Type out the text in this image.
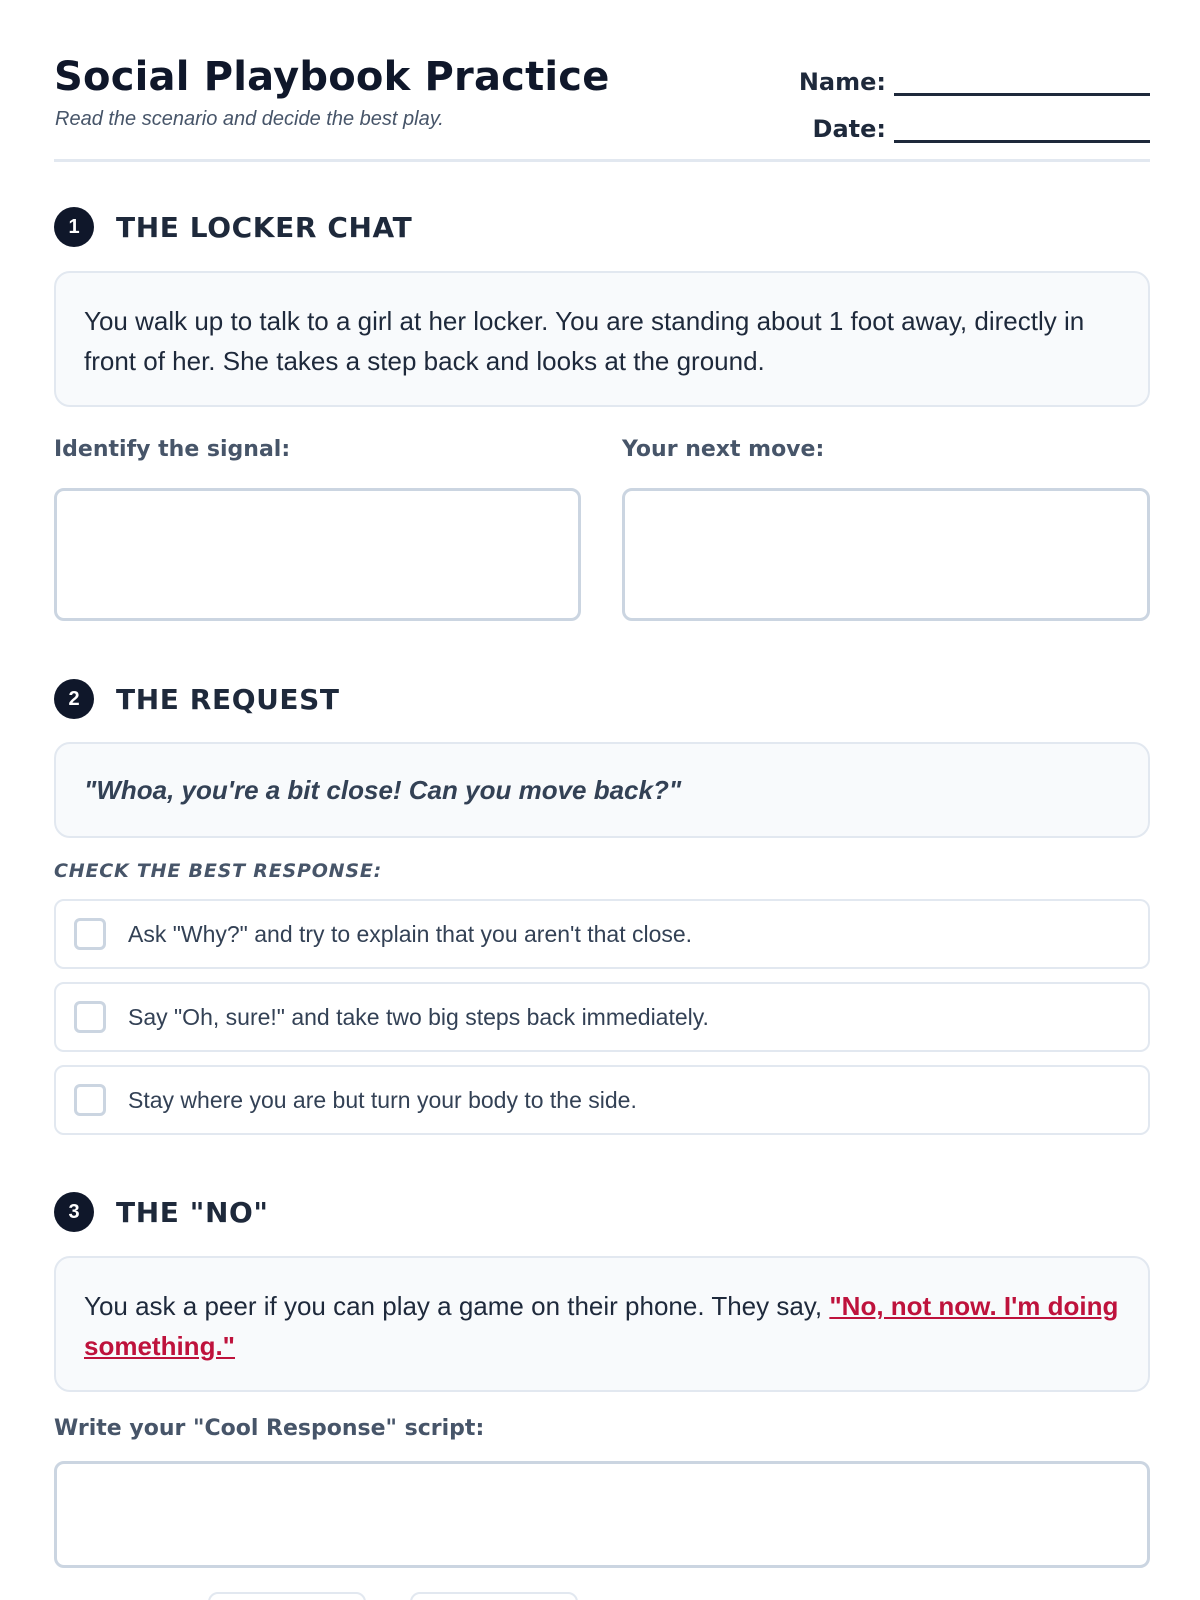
Social Playbook Practice
Read the scenario and decide the best play.
Name:
Date:
1	THE LOCKER CHAT
You walk up to talk to a girl at her locker. You are standing about 1 foot away, directly in front of her. She takes a step back and looks at the ground.
Identify the signal:	Your next move:
2	THE REQUEST
"Whoa, you're a bit close! Can you move back?"
CHECK THE BEST RESPONSE:
Ask "Why?" and try to explain that you aren't that close.
Say "Oh, sure!" and take two big steps back immediately.
Stay where you are but turn your body to the side.
3	THE "NO"
You ask a peer if you can play a game on their phone. They say, "No, not now. I'm doing something."
Write your "Cool Response" script:
